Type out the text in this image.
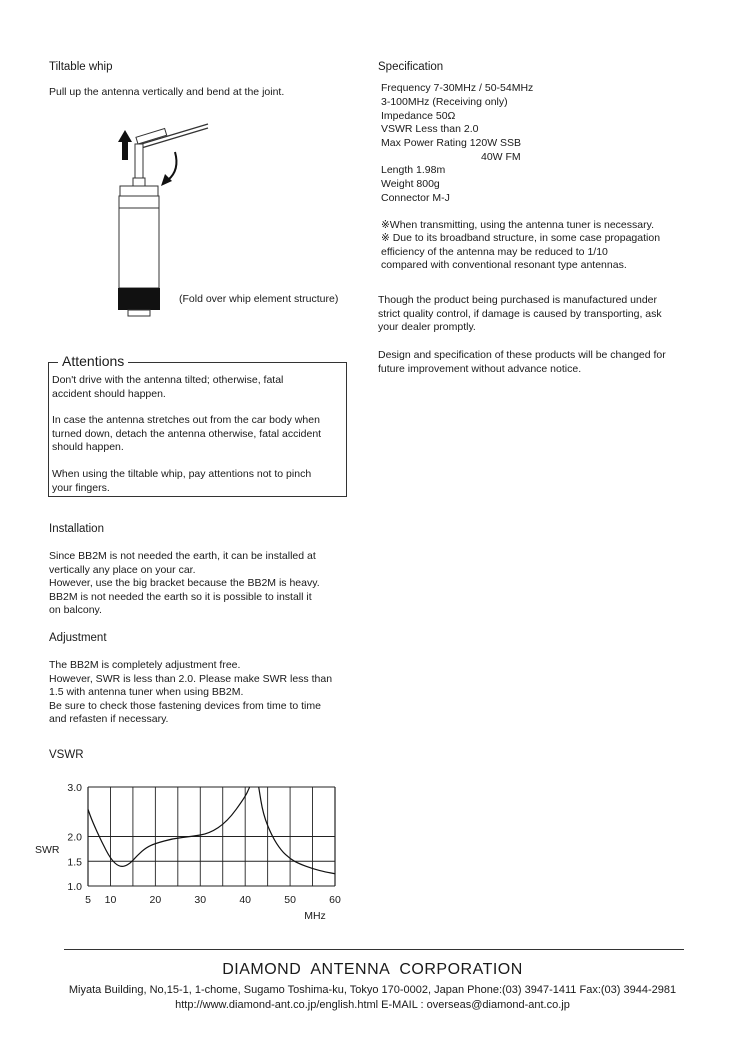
Tiltable whip
Pull up the antenna vertically and bend at the joint.
(Fold over whip element structure)
Attentions
Don't drive with the antenna tilted; otherwise, fatal
accident should happen.
In case the antenna stretches out from the car body when
turned down, detach the antenna otherwise, fatal accident
should happen.
When using the tiltable whip, pay attentions not to pinch
your fingers.
Installation
Since BB2M is not needed the earth, it can be installed at
vertically any place on your car.
However, use the big bracket because the BB2M is heavy.
BB2M is not needed the earth so it is possible to install it
on balcony.
Adjustment
The BB2M is completely adjustment free.
However, SWR is less than 2.0. Please make SWR less than
1.5 with antenna tuner when using BB2M.
Be sure to check those fastening devices from time to time
and refasten if necessary.
VSWR
3.0
2.0
1.5
1.0
5 10	20	30	40	50	60
SWR
MHz
Specification
Frequency 7-30MHz / 50-54MHz
3-100MHz (Receiving only)
Impedance 50Ω
VSWR Less than 2.0
Max Power Rating 120W SSB
40W FM
Length 1.98m
Weight 800g
Connector M-J
※When transmitting, using the antenna tuner is necessary.
※ Due to its broadband structure, in some case propagation
efficiency of the antenna may be reduced to 1/10
compared with conventional resonant type antennas.
Though the product being purchased is manufactured under
strict quality control, if damage is caused by transporting, ask
your dealer promptly.
Design and specification of these products will be changed for
future improvement without advance notice.
DIAMOND ANTENNA CORPORATION
Miyata Building, No,15-1, 1-chome, Sugamo Toshima-ku, Tokyo 170-0002, Japan Phone:(03) 3947-1411 Fax:(03) 3944-2981
http://www.diamond-ant.co.jp/english.html E-MAIL : overseas@diamond-ant.co.jp
